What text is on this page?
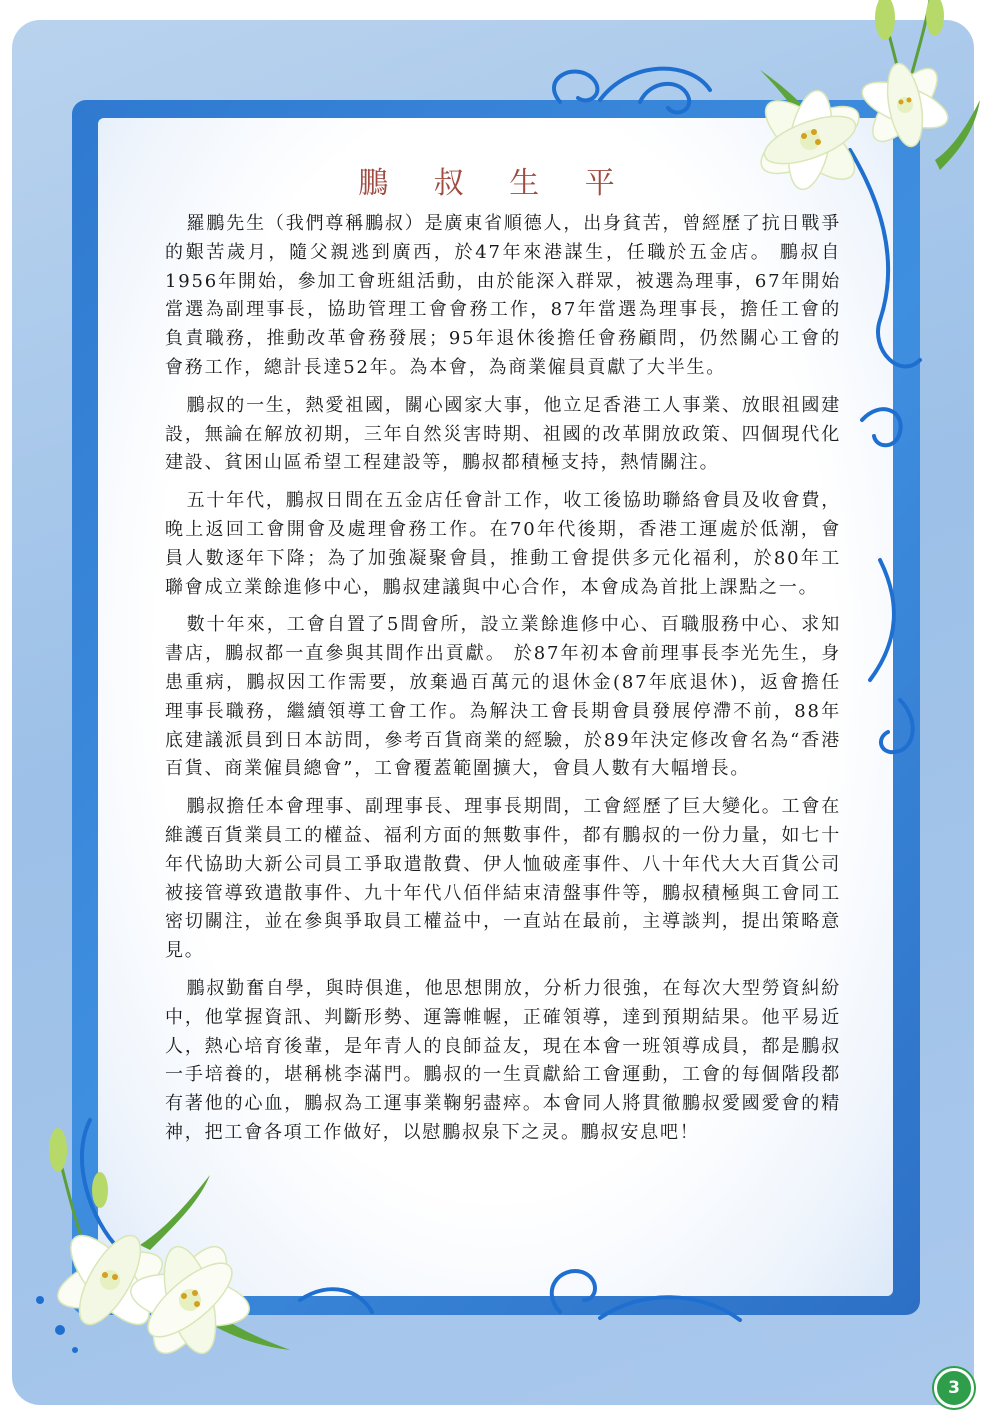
鵬 叔 生 平

羅鵬先生（我們尊稱鵬叔）是廣東省順德人，出身貧苦，曾經歷了抗日戰爭的艱苦歲月，隨父親逃到廣西，於47年來港謀生，任職於五金店。 鵬叔自1956年開始，參加工會班組活動，由於能深入群眾，被選為理事，67年開始當選為副理事長，協助管理工會會務工作，87年當選為理事長，擔任工會的負責職務，推動改革會務發展；95年退休後擔任會務顧問，仍然關心工會的會務工作，總計長達52年。為本會，為商業僱員貢獻了大半生。

鵬叔的一生，熱愛祖國，關心國家大事，他立足香港工人事業、放眼祖國建設，無論在解放初期，三年自然災害時期、祖國的改革開放政策、四個現代化建設、貧困山區希望工程建設等，鵬叔都積極支持，熱情關注。

五十年代，鵬叔日間在五金店任會計工作，收工後協助聯絡會員及收會費，晚上返回工會開會及處理會務工作。在70年代後期，香港工運處於低潮，會員人數逐年下降；為了加強凝聚會員，推動工會提供多元化福利，於80年工聯會成立業餘進修中心，鵬叔建議與中心合作，本會成為首批上課點之一。

數十年來，工會自置了5間會所，設立業餘進修中心、百職服務中心、求知書店，鵬叔都一直參與其間作出貢獻。 於87年初本會前理事長李光先生，身患重病，鵬叔因工作需要，放棄過百萬元的退休金(87年底退休)，返會擔任理事長職務，繼續領導工會工作。為解決工會長期會員發展停滯不前，88年底建議派員到日本訪問，參考百貨商業的經驗，於89年決定修改會名為“香港百貨、商業僱員總會”，工會覆蓋範圍擴大，會員人數有大幅增長。

鵬叔擔任本會理事、副理事長、理事長期間，工會經歷了巨大變化。工會在維護百貨業員工的權益、福利方面的無數事件，都有鵬叔的一份力量，如七十年代協助大新公司員工爭取遣散費、伊人恤破產事件、八十年代大大百貨公司被接管導致遣散事件、九十年代八佰伴結束清盤事件等，鵬叔積極與工會同工密切關注，並在參與爭取員工權益中，一直站在最前，主導談判，提出策略意見。

鵬叔勤奮自學，與時俱進，他思想開放，分析力很強，在每次大型勞資糾紛中，他掌握資訊、判斷形勢、運籌帷幄，正確領導，達到預期結果。他平易近人，熱心培育後輩，是年青人的良師益友，現在本會一班領導成員，都是鵬叔一手培養的，堪稱桃李滿門。鵬叔的一生貢獻給工會運動，工會的每個階段都有著他的心血，鵬叔為工運事業鞠躬盡瘁。本會同人將貫徹鵬叔愛國愛會的精神，把工會各項工作做好，以慰鵬叔泉下之灵。鵬叔安息吧！

3
